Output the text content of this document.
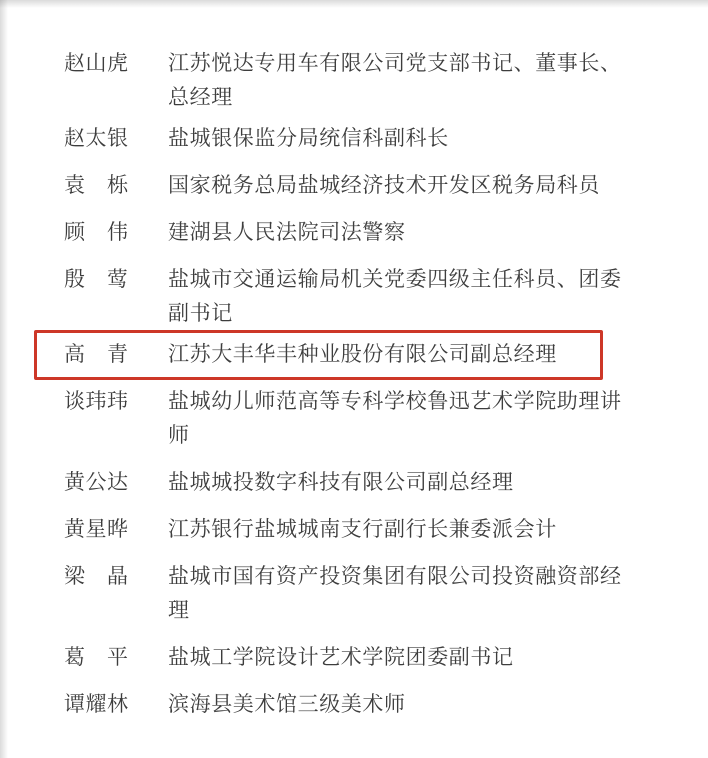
赵山虎 江苏悦达专用车有限公司党支部书记、董事长、总经理
赵太银 盐城银保监分局统信科副科长
袁　栎 国家税务总局盐城经济技术开发区税务局科员
顾　伟 建湖县人民法院司法警察
殷　莺 盐城市交通运输局机关党委四级主任科员、团委副书记
高　青 江苏大丰华丰种业股份有限公司副总经理
谈玮玮 盐城幼儿师范高等专科学校鲁迅艺术学院助理讲师
黄公达 盐城城投数字科技有限公司副总经理
黄星晔 江苏银行盐城城南支行副行长兼委派会计
梁　晶 盐城市国有资产投资集团有限公司投资融资部经理
葛　平 盐城工学院设计艺术学院团委副书记
谭耀林 滨海县美术馆三级美术师
